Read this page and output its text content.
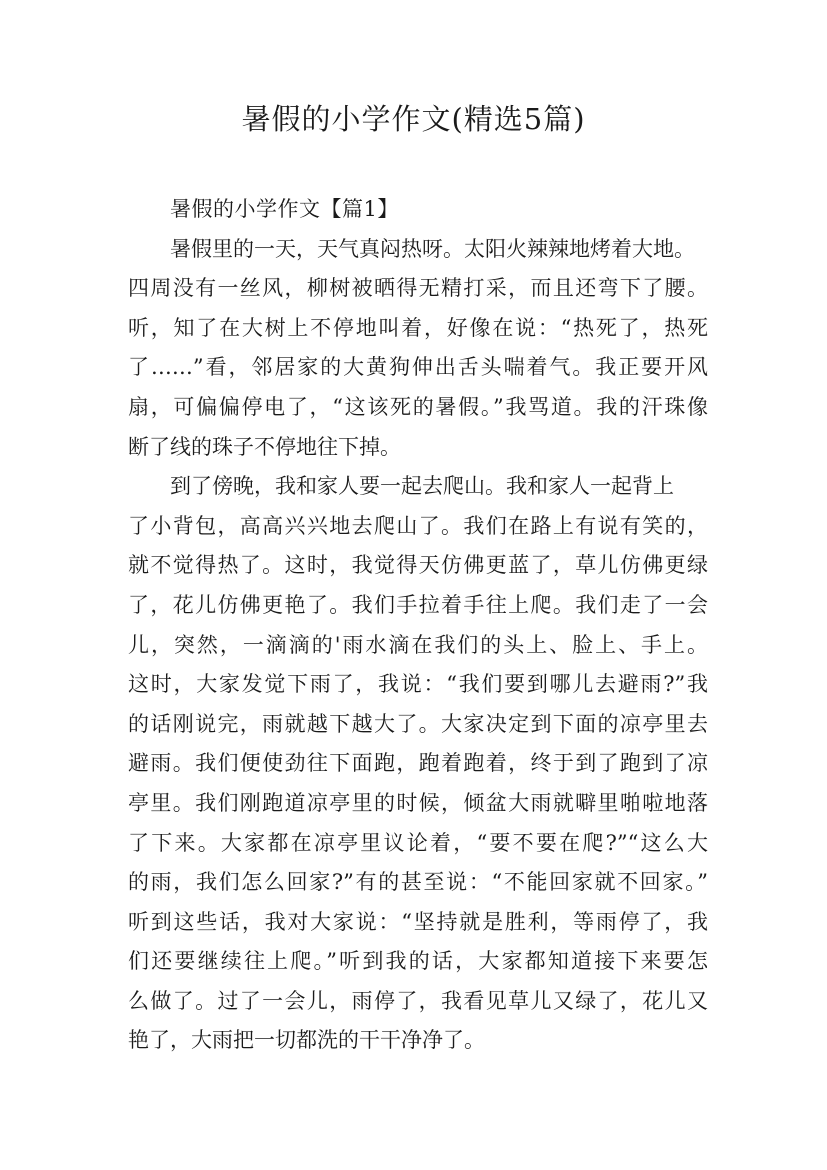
暑假的小学作文(精选5篇)
暑假的小学作文【篇1】
暑假里的一天，天气真闷热呀。太阳火辣辣地烤着大地。
四周没有一丝风，柳树被晒得无精打采，而且还弯下了腰。
听，知了在大树上不停地叫着，好像在说：“热死了，热死
了……”看，邻居家的大黄狗伸出舌头喘着气。我正要开风
扇，可偏偏停电了，“这该死的暑假。”我骂道。我的汗珠像
断了线的珠子不停地往下掉。
到了傍晚，我和家人要一起去爬山。我和家人一起背上
了小背包，高高兴兴地去爬山了。我们在路上有说有笑的，
就不觉得热了。这时，我觉得天仿佛更蓝了，草儿仿佛更绿
了，花儿仿佛更艳了。我们手拉着手往上爬。我们走了一会
儿，突然，一滴滴的'雨水滴在我们的头上、脸上、手上。
这时，大家发觉下雨了，我说：“我们要到哪儿去避雨?”我
的话刚说完，雨就越下越大了。大家决定到下面的凉亭里去
避雨。我们便使劲往下面跑，跑着跑着，终于到了跑到了凉
亭里。我们刚跑道凉亭里的时候，倾盆大雨就噼里啪啦地落
了下来。大家都在凉亭里议论着，“要不要在爬?”“这么大
的雨，我们怎么回家?”有的甚至说：“不能回家就不回家。”
听到这些话，我对大家说：“坚持就是胜利，等雨停了，我
们还要继续往上爬。”听到我的话，大家都知道接下来要怎
么做了。过了一会儿，雨停了，我看见草儿又绿了，花儿又
艳了，大雨把一切都洗的干干净净了。
